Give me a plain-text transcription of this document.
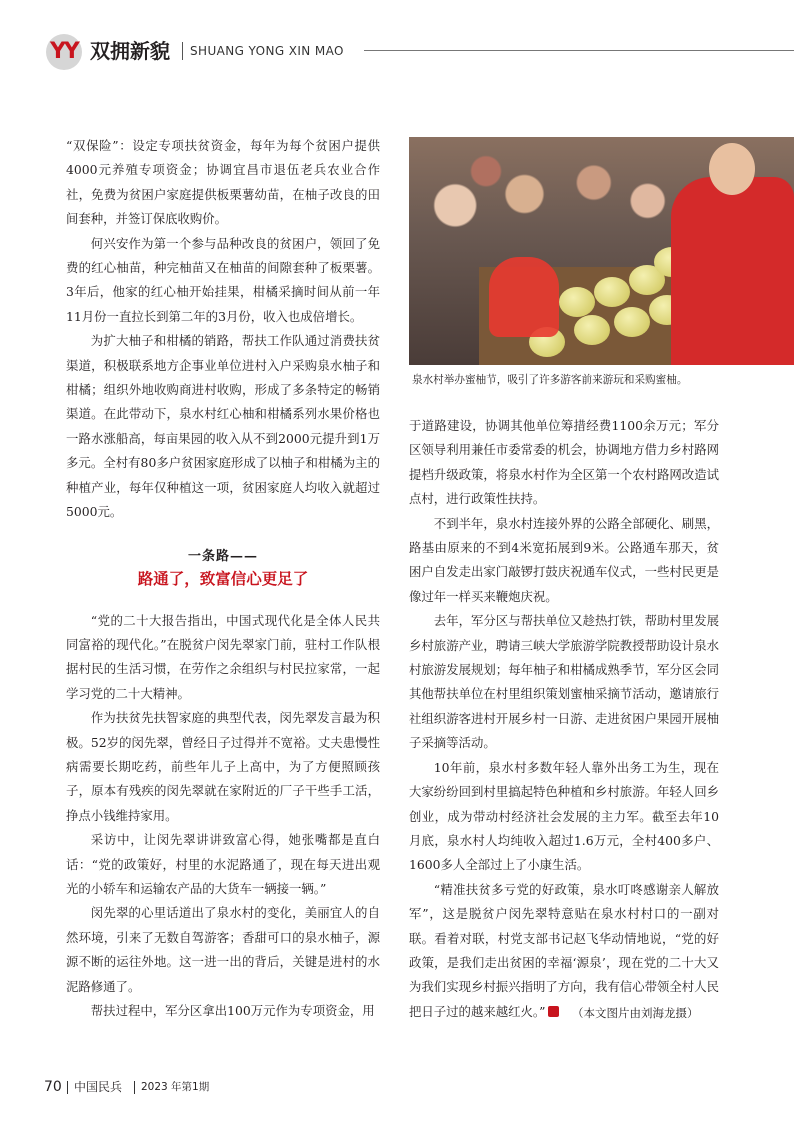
YY 双拥新貌 SHUANG YONG XIN MAO

“双保险”：设定专项扶贫资金，每年为每个贫困户提供4000元养殖专项资金；协调宜昌市退伍老兵农业合作社，免费为贫困户家庭提供板栗薯幼苗，在柚子改良的田间套种，并签订保底收购价。

何兴安作为第一个参与品种改良的贫困户，领回了免费的红心柚苗，种完柚苗又在柚苗的间隙套种了板栗薯。3年后，他家的红心柚开始挂果，柑橘采摘时间从前一年11月份一直拉长到第二年的3月份，收入也成倍增长。

为扩大柚子和柑橘的销路，帮扶工作队通过消费扶贫渠道，积极联系地方企事业单位进村入户采购泉水柚子和柑橘；组织外地收购商进村收购，形成了多条特定的畅销渠道。在此带动下，泉水村红心柚和柑橘系列水果价格也一路水涨船高，每亩果园的收入从不到2000元提升到1万多元。全村有80多户贫困家庭形成了以柚子和柑橘为主的种植产业，每年仅种植这一项，贫困家庭人均收入就超过5000元。

一条路——
路通了，致富信心更足了

“党的二十大报告指出，中国式现代化是全体人民共同富裕的现代化。”在脱贫户闵先翠家门前，驻村工作队根据村民的生活习惯，在劳作之余组织与村民拉家常，一起学习党的二十大精神。

作为扶贫先扶智家庭的典型代表，闵先翠发言最为积极。52岁的闵先翠，曾经日子过得并不宽裕。丈夫患慢性病需要长期吃药，前些年儿子上高中，为了方便照顾孩子，原本有残疾的闵先翠就在家附近的厂子干些手工活，挣点小钱维持家用。

采访中，让闵先翠讲讲致富心得，她张嘴都是直白话：“党的政策好，村里的水泥路通了，现在每天进出观光的小轿车和运输农产品的大货车一辆接一辆。”

闵先翠的心里话道出了泉水村的变化，美丽宜人的自然环境，引来了无数自驾游客；香甜可口的泉水柚子，源源不断的运往外地。这一进一出的背后，关键是进村的水泥路修通了。

帮扶过程中，军分区拿出100万元作为专项资金，用

泉水村举办蜜柚节，吸引了许多游客前来游玩和采购蜜柚。

于道路建设，协调其他单位筹措经费1100余万元；军分区领导利用兼任市委常委的机会，协调地方借力乡村路网提档升级政策，将泉水村作为全区第一个农村路网改造试点村，进行政策性扶持。

不到半年，泉水村连接外界的公路全部硬化、刷黑，路基由原来的不到4米宽拓展到9米。公路通车那天，贫困户自发走出家门敲锣打鼓庆祝通车仪式，一些村民更是像过年一样买来鞭炮庆祝。

去年，军分区与帮扶单位又趁热打铁，帮助村里发展乡村旅游产业，聘请三峡大学旅游学院教授帮助设计泉水村旅游发展规划；每年柚子和柑橘成熟季节，军分区会同其他帮扶单位在村里组织策划蜜柚采摘节活动，邀请旅行社组织游客进村开展乡村一日游、走进贫困户果园开展柚子采摘等活动。

10年前，泉水村多数年轻人靠外出务工为生，现在大家纷纷回到村里搞起特色种植和乡村旅游。年轻人回乡创业，成为带动村经济社会发展的主力军。截至去年10月底，泉水村人均纯收入超过1.6万元，全村400多户、1600多人全部过上了小康生活。

“精准扶贫多亏党的好政策，泉水叮咚感谢亲人解放军”，这是脱贫户闵先翠特意贴在泉水村村口的一副对联。看着对联，村党支部书记赵飞华动情地说，“党的好政策，是我们走出贫困的幸福‘源泉’，现在党的二十大又为我们实现乡村振兴指明了方向，我有信心带领全村人民把日子过的越来越红火。”	（本文图片由刘海龙摄）
70 中国民兵 2023 年第1期
